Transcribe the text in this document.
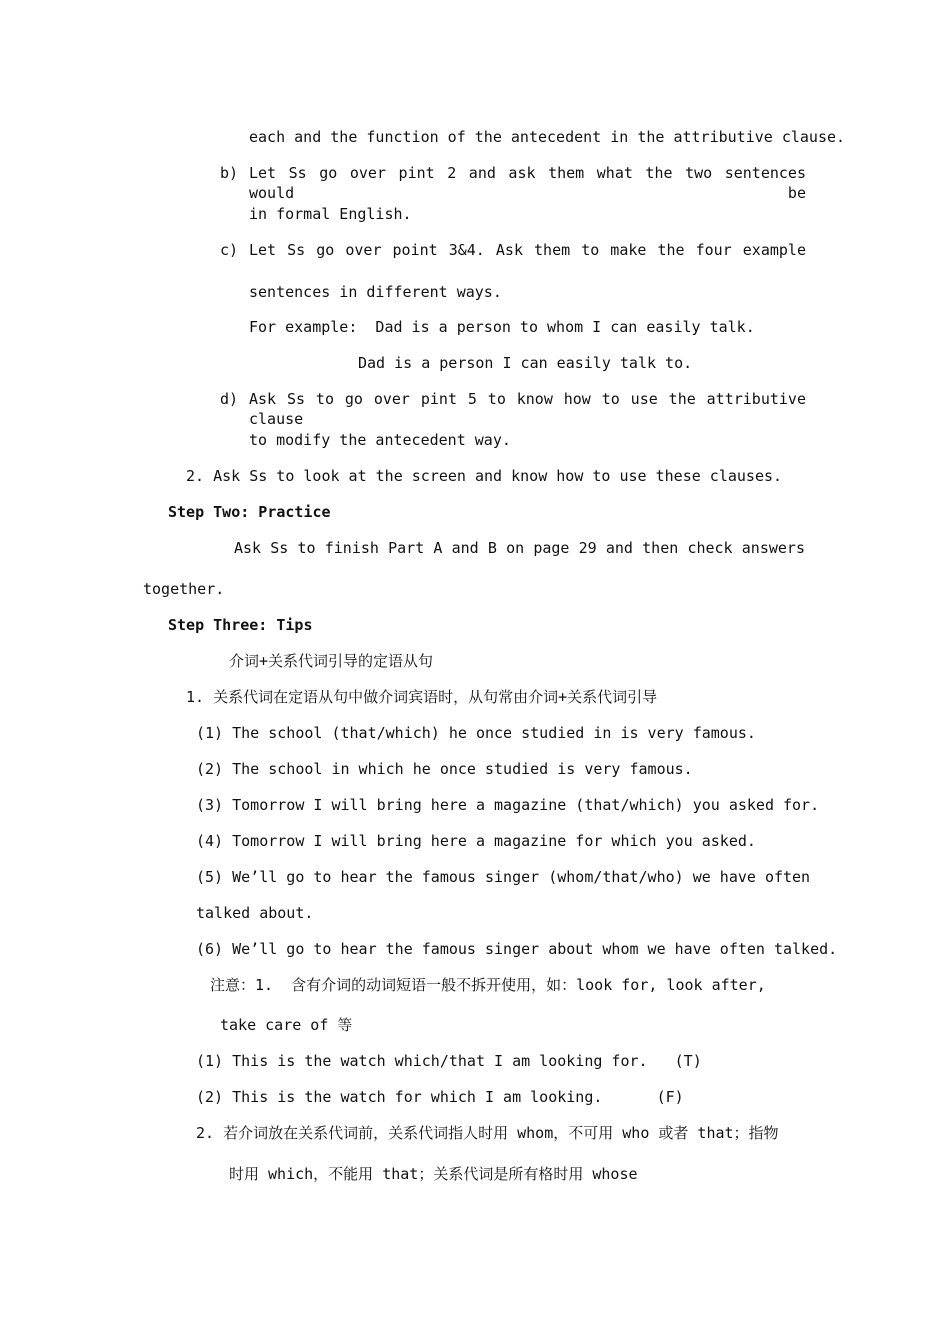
each and the function of the antecedent in the attributive clause.
b) Let Ss go over pint 2 and ask them what the two sentences would be
in formal English.
c) Let Ss go over point 3&4. Ask them to make the four example
sentences in different ways.
For example:  Dad is a person to whom I can easily talk.
Dad is a person I can easily talk to.
d) Ask Ss to go over pint 5 to know how to use the attributive clause
to modify the antecedent way.
2. Ask Ss to look at the screen and know how to use these clauses.
Step Two: Practice
Ask Ss to finish Part A and B on page 29 and then check answers
together.
Step Three: Tips
介词+关系代词引导的定语从句
1. 关系代词在定语从句中做介词宾语时，从句常由介词+关系代词引导
(1) The school (that/which) he once studied in is very famous.
(2) The school in which he once studied is very famous.
(3) Tomorrow I will bring here a magazine (that/which) you asked for.
(4) Tomorrow I will bring here a magazine for which you asked.
(5) We’ll go to hear the famous singer (whom/that/who) we have often
talked about.
(6) We’ll go to hear the famous singer about whom we have often talked.
注意：1.  含有介词的动词短语一般不拆开使用，如：look for, look after,
take care of 等
(1) This is the watch which/that I am looking for.   (T)
(2) This is the watch for which I am looking.      (F)
2. 若介词放在关系代词前，关系代词指人时用 whom，不可用 who 或者 that；指物
时用 which，不能用 that；关系代词是所有格时用 whose
